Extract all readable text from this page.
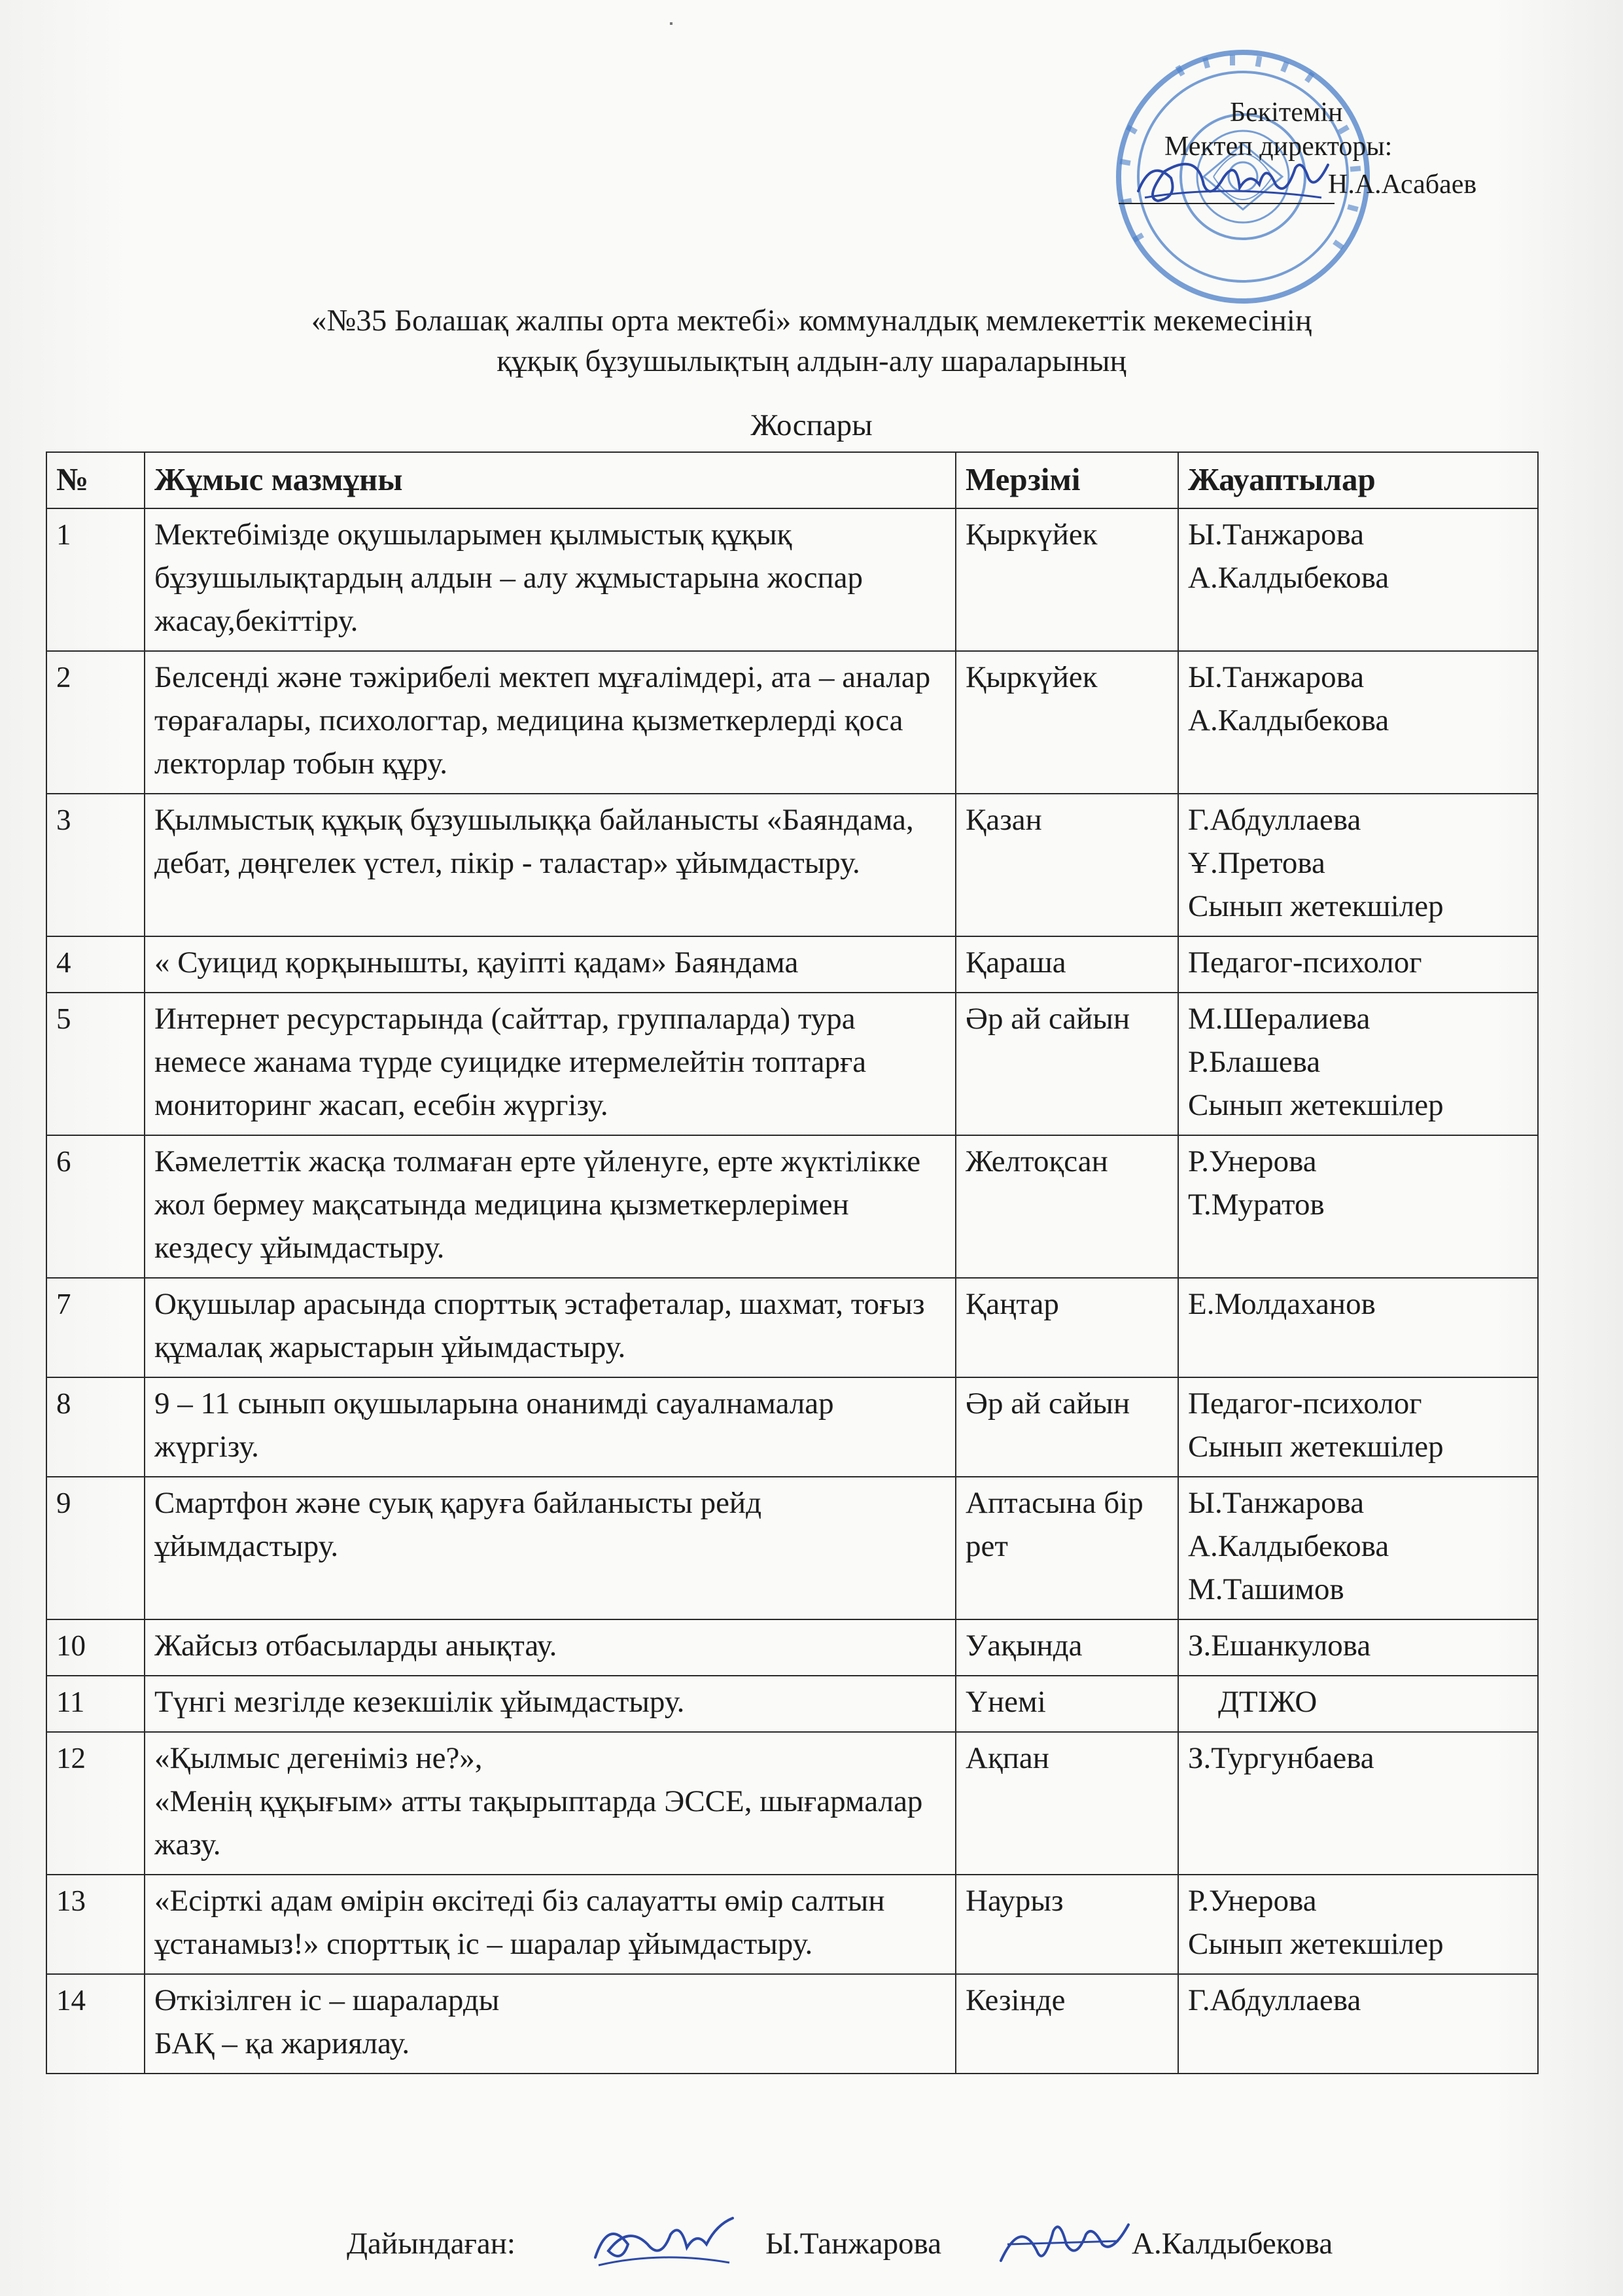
Бекітемін
Мектеп директоры:
Н.А.Асабаев
«№35 Болашақ жалпы орта мектебі» коммуналдық мемлекеттік мекемесінің
құқық бұзушылықтың алдын-алу шараларының
Жоспары
№	Жұмыс мазмұны	Мерзімі	Жауаптылар
1	Мектебімізде оқушыларымен қылмыстық құқық бұзушылықтардың алдын – алу жұмыстарына жоспар жасау,бекіттіру.	Қыркүйек	Ы.Танжарова
А.Калдыбекова

2	Белсенді және тәжірибелі мектеп мұғалімдері, ата – аналар төрағалары, психологтар, медицина қызметкерлерді қоса лекторлар тобын құру.	Қыркүйек	Ы.Танжарова
А.Калдыбекова

3	Қылмыстық құқық бұзушылыққа байланысты «Баяндама, дебат, дөңгелек үстел, пікір - таластар» ұйымдастыру.	Қазан	Г.Абдуллаева
Ұ.Претова
Сынып жетекшілер

4	« Суицид қорқынышты, қауіпті қадам» Баяндама	Қараша	Педагог-психолог

5	Интернет ресурстарында (сайттар, группаларда) тура немесе жанама түрде суицидке итермелейтін топтарға мониторинг жасап, есебін жүргізу.	Әр ай сайын	М.Шералиева
Р.Блашева
Сынып жетекшілер

6	Кәмелеттік жасқа толмаған ерте үйленуге, ерте жүктілікке жол бермеу мақсатында медицина қызметкерлерімен кездесу ұйымдастыру.	Желтоқсан	Р.Унерова
Т.Муратов

7	Оқушылар арасында спорттық эстафеталар, шахмат, тоғыз құмалақ жарыстарын ұйымдастыру.	Қаңтар	Е.Молдаханов

8	9 – 11 сынып оқушыларына онанимді сауалнамалар жүргізу.	Әр ай сайын	Педагог-психолог
Сынып жетекшілер

9	Смартфон және суық қаруға байланысты рейд ұйымдастыру.	Аптасына бір рет	Ы.Танжарова
А.Калдыбекова
М.Ташимов

10	Жайсыз отбасыларды анықтау.	Уақында	З.Ешанкулова

11	Түнгі мезгілде кезекшілік ұйымдастыру.	Үнемі	ДТІЖО

12	«Қылмыс дегеніміз не?»,
«Менің құқығым» атты тақырыптарда ЭССЕ, шығармалар жазу.	Ақпан	З.Тургунбаева

13	«Есірткі адам өмірін өксітеді біз салауатты өмір салтын ұстанамыз!» спорттық іс – шаралар ұйымдастыру.	Наурыз	Р.Унерова
Сынып жетекшілер

14	Өткізілген іс – шараларды
БАҚ – қа жариялау.	Кезінде	Г.Абдуллаева
Дайындаған:	Ы.Танжарова	А.Калдыбекова
